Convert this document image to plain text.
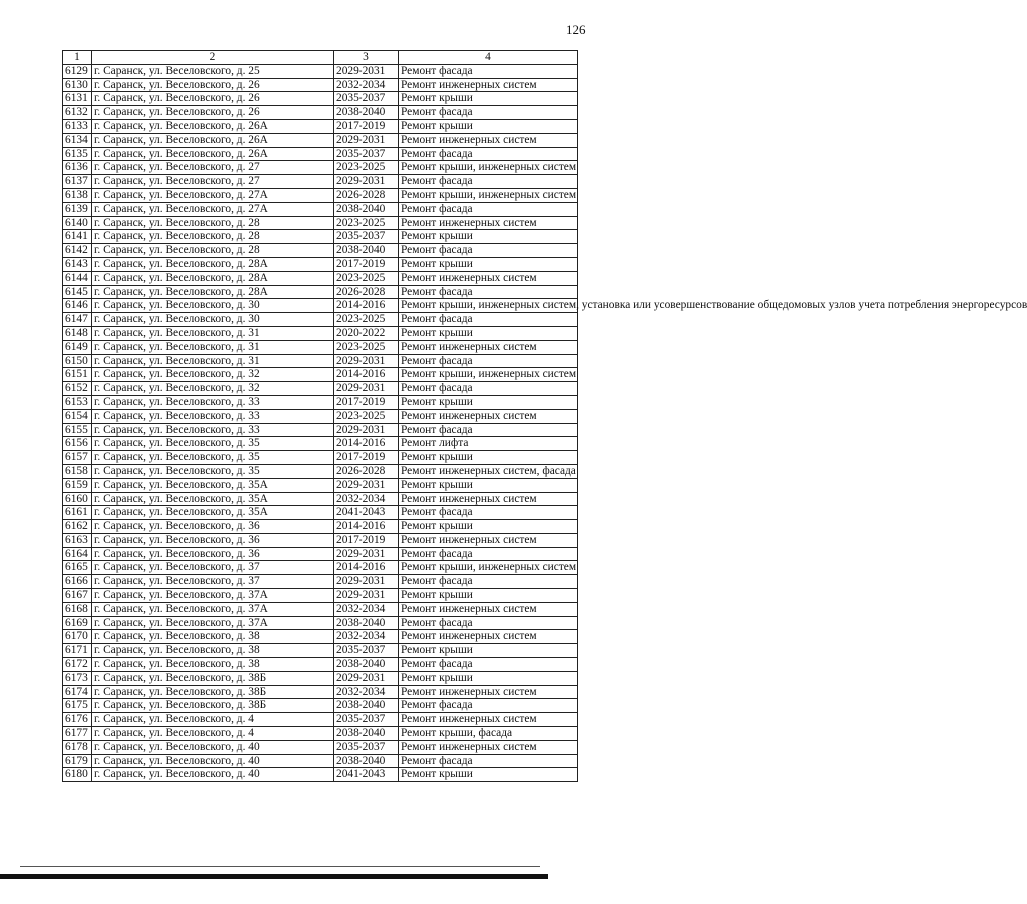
126
1	2	3	4
6129	г. Саранск, ул. Веселовского, д. 25	2029-2031	Ремонт фасада
6130	г. Саранск, ул. Веселовского, д. 26	2032-2034	Ремонт инженерных систем
6131	г. Саранск, ул. Веселовского, д. 26	2035-2037	Ремонт крыши
6132	г. Саранск, ул. Веселовского, д. 26	2038-2040	Ремонт фасада
6133	г. Саранск, ул. Веселовского, д. 26А	2017-2019	Ремонт крыши
6134	г. Саранск, ул. Веселовского, д. 26А	2029-2031	Ремонт инженерных систем
6135	г. Саранск, ул. Веселовского, д. 26А	2035-2037	Ремонт фасада
6136	г. Саранск, ул. Веселовского, д. 27	2023-2025	Ремонт крыши, инженерных систем
6137	г. Саранск, ул. Веселовского, д. 27	2029-2031	Ремонт фасада
6138	г. Саранск, ул. Веселовского, д. 27А	2026-2028	Ремонт крыши, инженерных систем
6139	г. Саранск, ул. Веселовского, д. 27А	2038-2040	Ремонт фасада
6140	г. Саранск, ул. Веселовского, д. 28	2023-2025	Ремонт инженерных систем
6141	г. Саранск, ул. Веселовского, д. 28	2035-2037	Ремонт крыши
6142	г. Саранск, ул. Веселовского, д. 28	2038-2040	Ремонт фасада
6143	г. Саранск, ул. Веселовского, д. 28А	2017-2019	Ремонт крыши
6144	г. Саранск, ул. Веселовского, д. 28А	2023-2025	Ремонт инженерных систем
6145	г. Саранск, ул. Веселовского, д. 28А	2026-2028	Ремонт фасада
6146	г. Саранск, ул. Веселовского, д. 30	2014-2016	Ремонт крыши, инженерных систем, установка или усовершенствование общедомовых узлов учета потребления энергоресурсов
6147	г. Саранск, ул. Веселовского, д. 30	2023-2025	Ремонт фасада
6148	г. Саранск, ул. Веселовского, д. 31	2020-2022	Ремонт крыши
6149	г. Саранск, ул. Веселовского, д. 31	2023-2025	Ремонт инженерных систем
6150	г. Саранск, ул. Веселовского, д. 31	2029-2031	Ремонт фасада
6151	г. Саранск, ул. Веселовского, д. 32	2014-2016	Ремонт крыши, инженерных систем
6152	г. Саранск, ул. Веселовского, д. 32	2029-2031	Ремонт фасада
6153	г. Саранск, ул. Веселовского, д. 33	2017-2019	Ремонт крыши
6154	г. Саранск, ул. Веселовского, д. 33	2023-2025	Ремонт инженерных систем
6155	г. Саранск, ул. Веселовского, д. 33	2029-2031	Ремонт фасада
6156	г. Саранск, ул. Веселовского, д. 35	2014-2016	Ремонт лифта
6157	г. Саранск, ул. Веселовского, д. 35	2017-2019	Ремонт крыши
6158	г. Саранск, ул. Веселовского, д. 35	2026-2028	Ремонт инженерных систем, фасада
6159	г. Саранск, ул. Веселовского, д. 35А	2029-2031	Ремонт крыши
6160	г. Саранск, ул. Веселовского, д. 35А	2032-2034	Ремонт инженерных систем
6161	г. Саранск, ул. Веселовского, д. 35А	2041-2043	Ремонт фасада
6162	г. Саранск, ул. Веселовского, д. 36	2014-2016	Ремонт крыши
6163	г. Саранск, ул. Веселовского, д. 36	2017-2019	Ремонт инженерных систем
6164	г. Саранск, ул. Веселовского, д. 36	2029-2031	Ремонт фасада
6165	г. Саранск, ул. Веселовского, д. 37	2014-2016	Ремонт крыши, инженерных систем
6166	г. Саранск, ул. Веселовского, д. 37	2029-2031	Ремонт фасада
6167	г. Саранск, ул. Веселовского, д. 37А	2029-2031	Ремонт крыши
6168	г. Саранск, ул. Веселовского, д. 37А	2032-2034	Ремонт инженерных систем
6169	г. Саранск, ул. Веселовского, д. 37А	2038-2040	Ремонт фасада
6170	г. Саранск, ул. Веселовского, д. 38	2032-2034	Ремонт инженерных систем
6171	г. Саранск, ул. Веселовского, д. 38	2035-2037	Ремонт крыши
6172	г. Саранск, ул. Веселовского, д. 38	2038-2040	Ремонт фасада
6173	г. Саранск, ул. Веселовского, д. 38Б	2029-2031	Ремонт крыши
6174	г. Саранск, ул. Веселовского, д. 38Б	2032-2034	Ремонт инженерных систем
6175	г. Саранск, ул. Веселовского, д. 38Б	2038-2040	Ремонт фасада
6176	г. Саранск, ул. Веселовского, д. 4	2035-2037	Ремонт инженерных систем
6177	г. Саранск, ул. Веселовского, д. 4	2038-2040	Ремонт крыши, фасада
6178	г. Саранск, ул. Веселовского, д. 40	2035-2037	Ремонт инженерных систем
6179	г. Саранск, ул. Веселовского, д. 40	2038-2040	Ремонт фасада
6180	г. Саранск, ул. Веселовского, д. 40	2041-2043	Ремонт крыши
